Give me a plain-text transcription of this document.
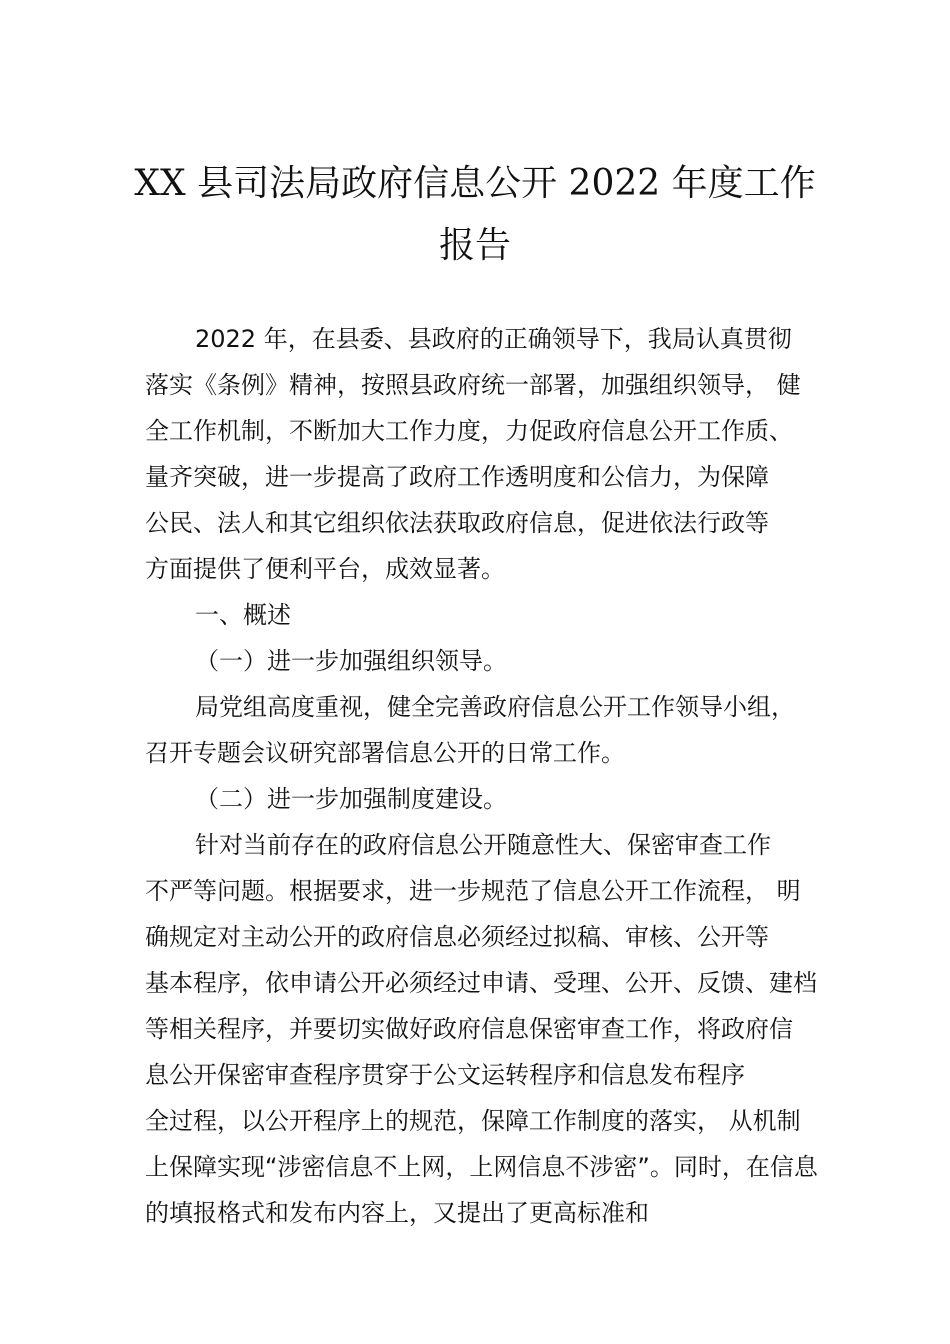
XX 县司法局政府信息公开 2022 年度工作
报告
2022 年，在县委、县政府的正确领导下，我局认真贯彻
落实《条例》精神，按照县政府统一部署，加强组织领导， 健
全工作机制，不断加大工作力度，力促政府信息公开工作质、
量齐突破，进一步提高了政府工作透明度和公信力，为保障
公民、法人和其它组织依法获取政府信息，促进依法行政等
方面提供了便利平台，成效显著。
一、概述
（一）进一步加强组织领导。
局党组高度重视，健全完善政府信息公开工作领导小组，
召开专题会议研究部署信息公开的日常工作。
（二）进一步加强制度建设。
针对当前存在的政府信息公开随意性大、保密审查工作
不严等问题。根据要求，进一步规范了信息公开工作流程， 明
确规定对主动公开的政府信息必须经过拟稿、审核、公开等
基本程序，依申请公开必须经过申请、受理、公开、反馈、建档
等相关程序，并要切实做好政府信息保密审查工作，将政府信
息公开保密审查程序贯穿于公文运转程序和信息发布程序
全过程，以公开程序上的规范，保障工作制度的落实， 从机制
上保障实现“涉密信息不上网，上网信息不涉密”。同时，在信息
的填报格式和发布内容上，又提出了更高标准和
